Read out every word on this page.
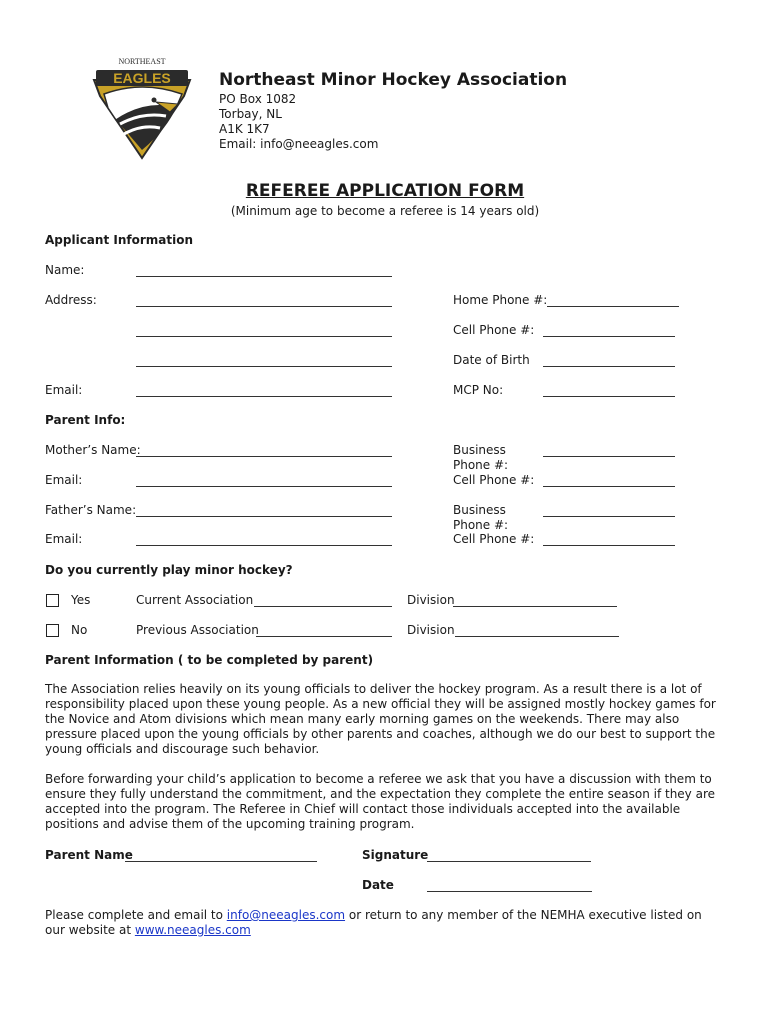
EAGLES
NORTHEAST
Northeast Minor Hockey Association
PO Box 1082
Torbay, NL
A1K 1K7
Email: info@neeagles.com
REFEREE APPLICATION FORM
(Minimum age to become a referee is 14 years old)
Applicant Information
Name:
Address:	Home Phone #:
Cell Phone #:
Date of Birth
Email:	MCP No:
Parent Info:
Mother’s Name:	Business
Phone #:
Email:	Cell Phone #:
Father’s Name:	Business
Phone #:
Email:	Cell Phone #:
Do you currently play minor hockey?
Yes	Current Association	Division
No	Previous Association	Division
Parent Information ( to be completed by parent)
The Association relies heavily on its young officials to deliver the hockey program. As a result there is a lot of responsibility placed upon these young people. As a new official they will be assigned mostly hockey games for the Novice and Atom divisions which mean many early morning games on the weekends. There may also pressure placed upon the young officials by other parents and coaches, although we do our best to support the young officials and discourage such behavior.
Before forwarding your child’s application to become a referee we ask that you have a discussion with them to ensure they fully understand the commitment, and the expectation they complete the entire season if they are accepted into the program. The Referee in Chief will contact those individuals accepted into the available positions and advise them of the upcoming training program.
Parent Name	Signature
Date
Please complete and email to info@neeagles.com or return to any member of the NEMHA executive listed on our website at www.neeagles.com
